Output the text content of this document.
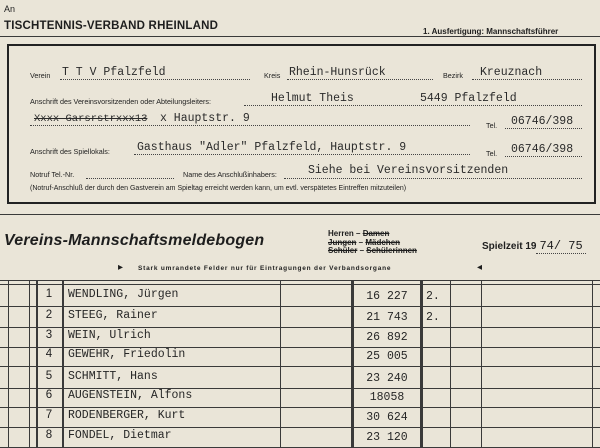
An
TISCHTENNIS-VERBAND RHEINLAND	1. Ausfertigung: Mannschaftsführer
Verein T T V Pfalzfeld	Kreis Rhein-Hunsrück	Bezirk Kreuznach
Anschrift des Vereinsvorsitzenden oder Abteilungsleiters:	Helmut Theis	5449 Pfalzfeld
Xxxx Garsrstrxxx13 x Hauptstr. 9
Tel. 06746/398
Anschrift des Spiellokals: Gasthaus "Adler" Pfalzfeld, Hauptstr. 9	Tel. 06746/398
Notruf Tel.-Nr.	Name des Anschlußinhabers:	Siehe bei Vereinsvorsitzenden
(Notruf-Anschluß der durch den Gastverein am Spieltag erreicht werden kann, um evtl. verspätetes Eintreffen mitzuteilen)
Vereins-Mannschaftsmeldebogen	Herren – Damen
Jungen – Mädchen
Schüler – Schülerinnen	Spielzeit 19 74/ 75
▸ Stark umrandete Felder nur für Eintragungen der Verbandsorgane	◂
1	WENDLING, Jürgen	16 227	2.
2	STEEG, Rainer	21 743	2.
3	WEIN, Ulrich	26 892
4	GEWEHR, Friedolin	25 005
5	SCHMITT, Hans	23 240
6	AUGENSTEIN, Alfons	18058
7	RODENBERGER, Kurt	30 624
8	FONDEL, Dietmar	23 120
